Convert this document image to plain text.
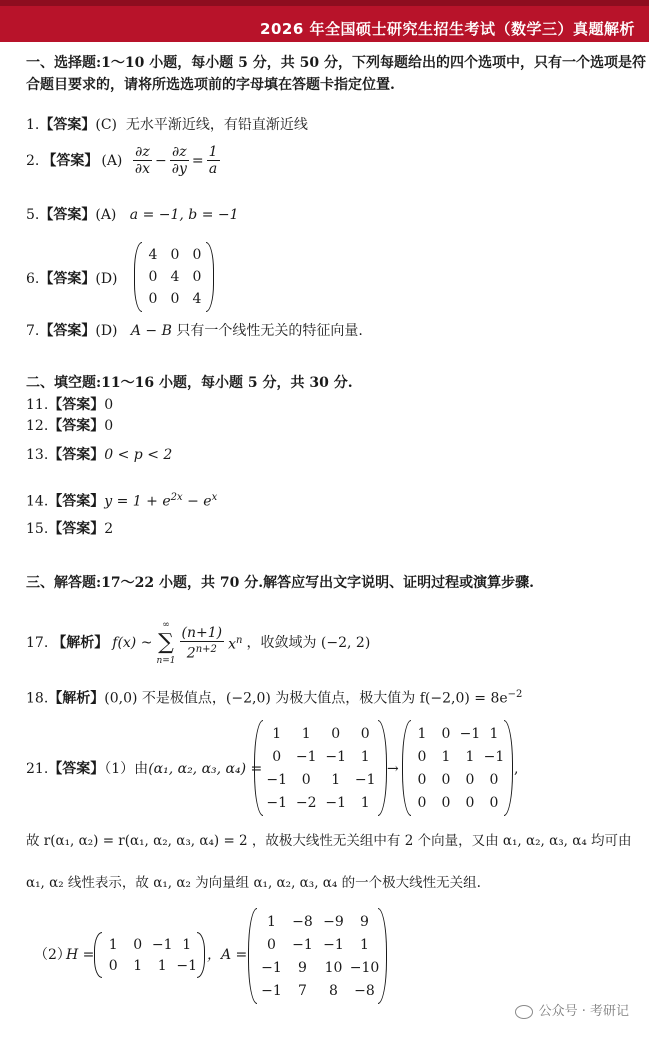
2026 年全国硕士研究生招生考试（数学三）真题解析
一、选择题:1～10 小题，每小题 5 分，共 50 分，下列每题给出的四个选项中，只有一个选项是符
合题目要求的，请将所选选项前的字母填在答题卡指定位置.
1.【答案】(C) 无水平渐近线，有铅直渐近线
2. 【答案】 (A)
$\frac{\partial z}{\partial x} - \frac{\partial z}{\partial y} = \frac{1}{a}$
5.【答案】(A) a = −1, b = −1
6.【答案】(D)
4 0 0
0 4 0
0 0 4
7.【答案】(D) A − B 只有一个线性无关的特征向量.
二、填空题:11～16 小题，每小题 5 分，共 30 分.
11.【答案】0
12.【答案】0
13.【答案】0 < p < 2
14.【答案】$y = 1 + e^{2x} - e^x$
15.【答案】2
三、解答题:17～22 小题，共 70 分.解答应写出文字说明、证明过程或演算步骤.
17. 【解析】 f(x) ~
∞
∑
$n=1 \frac{(n+1)}{2^{n+2}} x^n$ ，收敛域为 (−2, 2)
18.【解析】(0,0) 不是极值点，(−2,0) 为极大值点，极大值为 $f(-2,0) = 8e^{-2}$
21.【答案】（1）由(α₁, α₂, α₃, α₄) =
1 1 0 0
0 −1 −1 1
−1 0 1 −1
−1 −2 −1 1
→
1 0 −1 1
0 1 1 −1
0 0 0 0
0 0 0 0
,
故 r(α₁, α₂) = r(α₁, α₂, α₃, α₄) = 2 ，故极大线性无关组中有 2 个向量，又由 α₁, α₂, α₃, α₄ 均可由
α₁, α₂ 线性表示，故 α₁, α₂ 为向量组 α₁, α₂, α₃, α₄ 的一个极大线性无关组.
（2）
H =
1 0 −1 1
0 1 1 −1
，A =
1 −8 −9 9
0 −1 −1 1
−1 9 10 −10
−1 7 8 −8
公众号 · 考研记
